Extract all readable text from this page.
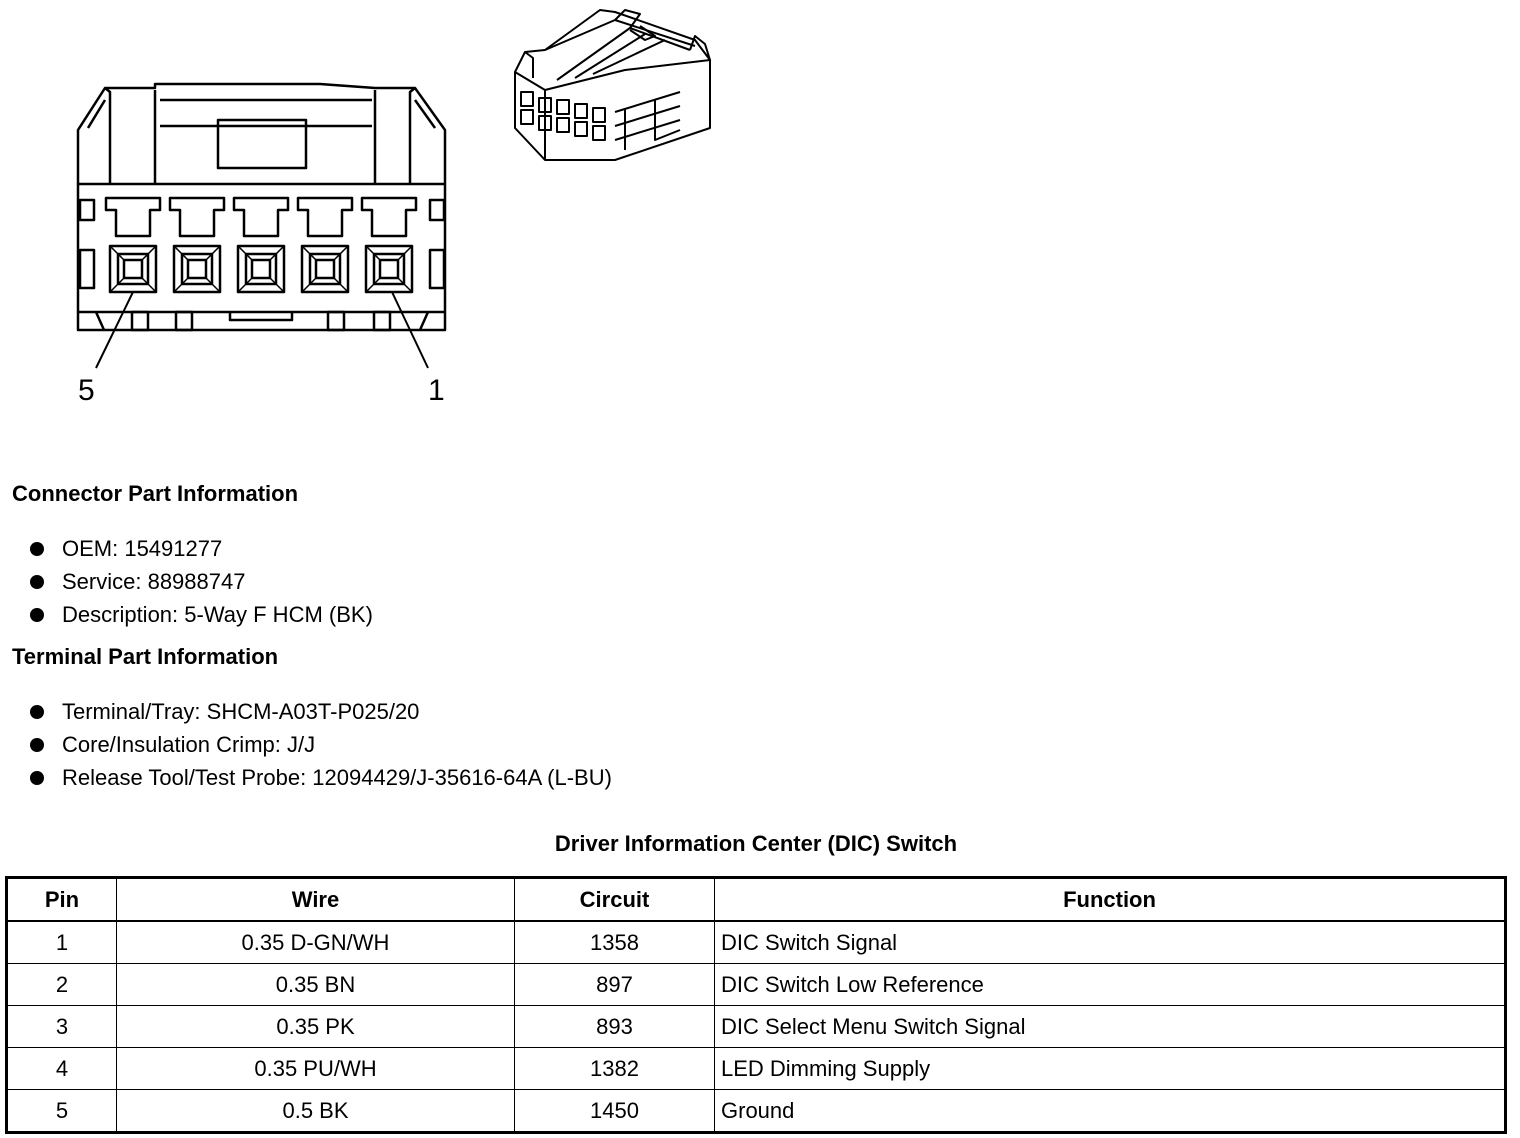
5	1
Connector Part Information
OEM: 15491277
Service: 88988747
Description: 5-Way F HCM (BK)
Terminal Part Information
Terminal/Tray: SHCM-A03T-P025/20
Core/Insulation Crimp: J/J
Release Tool/Test Probe: 12094429/J-35616-64A (L-BU)
Driver Information Center (DIC) Switch
Pin	Wire	Circuit	Function
1	0.35 D-GN/WH	1358	DIC Switch Signal
2	0.35 BN	897	DIC Switch Low Reference
3	0.35 PK	893	DIC Select Menu Switch Signal
4	0.35 PU/WH	1382	LED Dimming Supply
5	0.5 BK	1450	Ground
